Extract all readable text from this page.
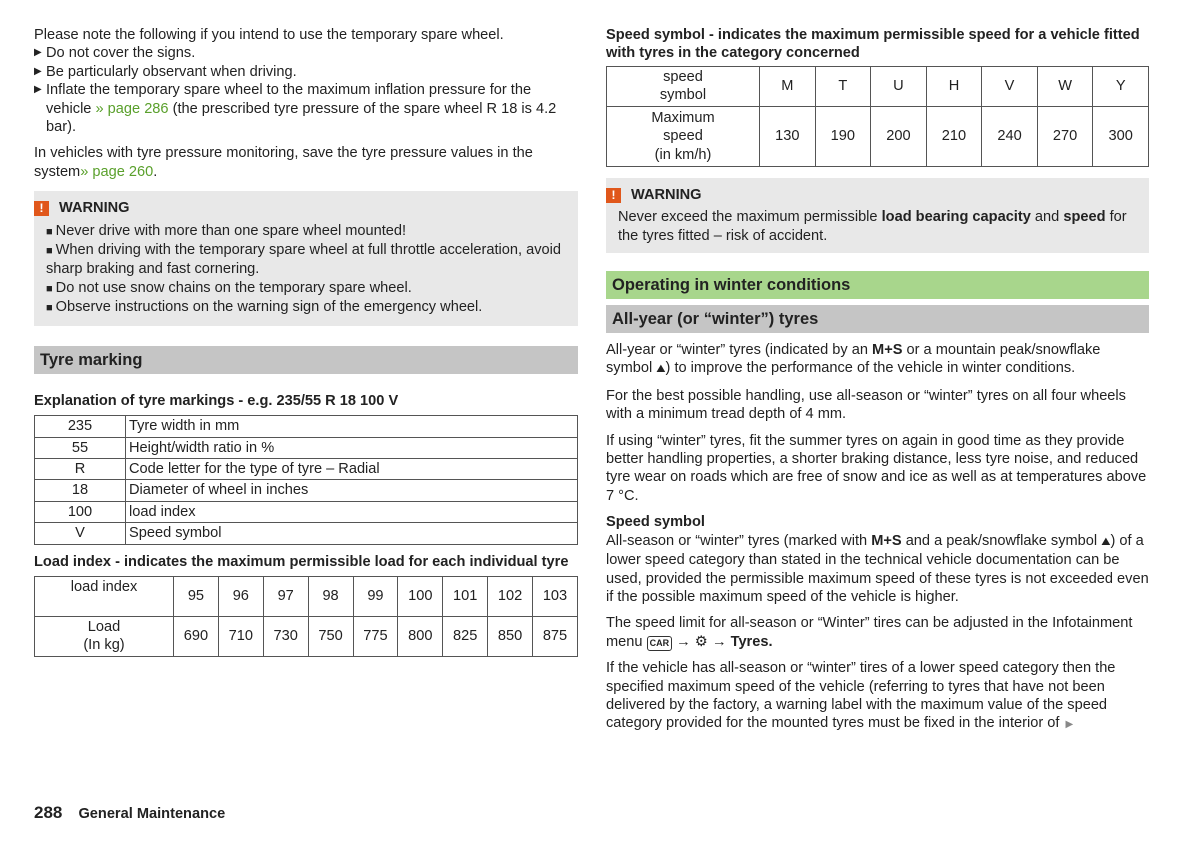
Please note the following if you intend to use the temporary spare wheel.

▶ Do not cover the signs.
▶ Be particularly observant when driving.
▶ Inflate the temporary spare wheel to the maximum inflation pressure for the vehicle » page 286 (the prescribed tyre pressure of the spare wheel R 18 is 4.2 bar).

In vehicles with tyre pressure monitoring, save the tyre pressure values in the system» page 260.

!	WARNING
■ Never drive with more than one spare wheel mounted!
■ When driving with the temporary spare wheel at full throttle acceleration, avoid sharp braking and fast cornering.
■ Do not use snow chains on the temporary spare wheel.
■ Observe instructions on the warning sign of the emergency wheel.
Tyre marking
Explanation of tyre markings - e.g. 235/55 R 18 100 V
235	Tyre width in mm
55	Height/width ratio in %
R	Code letter for the type of tyre – Radial
18	Diameter of wheel in inches
100	load index
V	Speed symbol
Load index - indicates the maximum permissible load for each individual tyre
load index	95	96	97	98	99	100	101	102	103

Load
(In kg)	690	710	730	750	775	800	825	850	875
Speed symbol - indicates the maximum permissible speed for a vehicle fitted with tyres in the category concerned
speed
symbol	M	T	U	H	V	W	Y

Maximum
speed
(in km/h)	130	190	200	210	240	270	300
!	WARNING
Never exceed the maximum permissible load bearing capacity and speed for the tyres fitted – risk of accident.
Operating in winter conditions
All-year (or “winter”) tyres

All-year or “winter” tyres (indicated by an M+S or a mountain peak/snowflake symbol ⛰) to improve the performance of the vehicle in winter conditions.

For the best possible handling, use all-season or “winter” tyres on all four wheels with a minimum tread depth of 4 mm.

If using “winter” tyres, fit the summer tyres on again in good time as they provide better handling properties, a shorter braking distance, less tyre noise, and reduced tyre wear on roads which are free of snow and ice as well as at temperatures above 7 °C.

Speed symbol

All-season or “winter” tyres (marked with M+S and a peak/snowflake symbol ⛰) of a lower speed category than stated in the technical vehicle documentation can be used, provided the permissible maximum speed of these tyres is not exceeded even if the possible maximum speed of the vehicle is higher.

The speed limit for all-season or “Winter” tires can be adjusted in the Infotainment menu CAR → ⚙ → Tyres.

If the vehicle has all-season or “winter” tires of a lower speed category then the specified maximum speed of the vehicle (referring to tyres that have not been delivered by the factory, a warning label with the maximum value of the speed category provided for the mounted tyres must be fixed in the interior of ▶

288 General Maintenance
